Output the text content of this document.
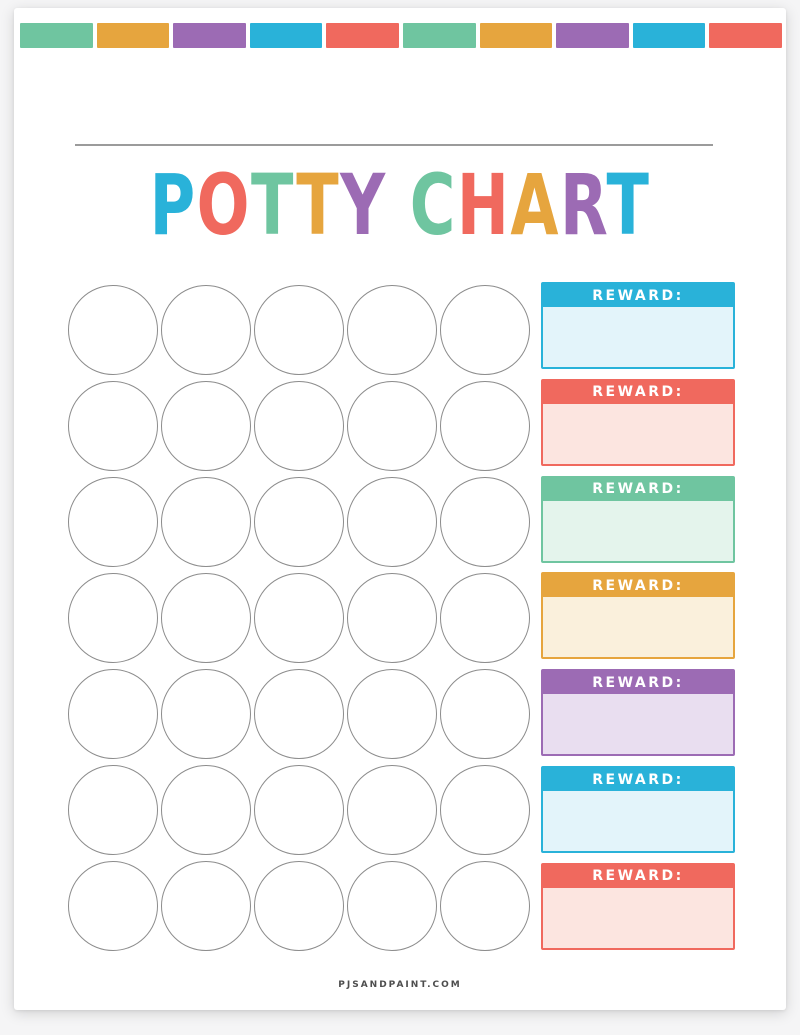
POTTY CHART
REWARD:
REWARD:
REWARD:
REWARD:
REWARD:
REWARD:
REWARD:
PJSANDPAINT.COM
